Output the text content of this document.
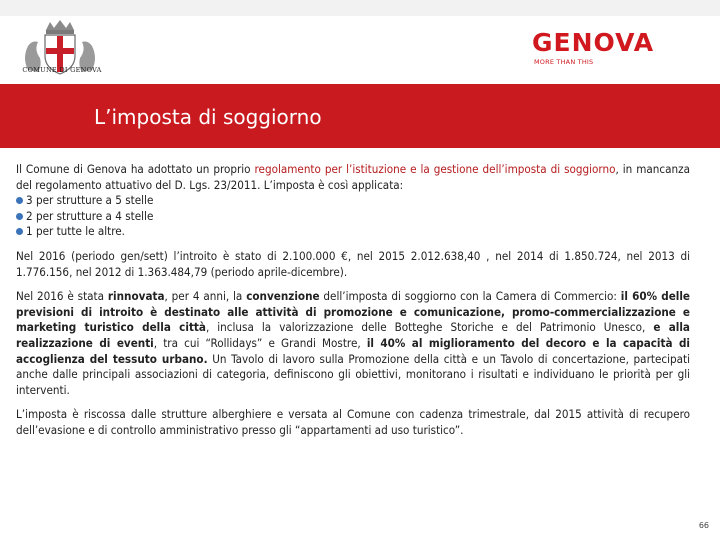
COMUNE DI GENOVA
GENOVA
MORE THAN THIS
L’imposta di soggiorno

Il Comune di Genova ha adottato un proprio regolamento per l’istituzione e la gestione dell’imposta di soggiorno, in mancanza del regolamento attuativo del D. Lgs. 23/2011. L’imposta è così applicata:

3 per strutture a 5 stelle
2 per strutture a 4 stelle
1 per tutte le altre.

Nel 2016 (periodo gen/sett) l’introito è stato di 2.100.000 €, nel 2015 2.012.638,40 , nel 2014 di 1.850.724, nel 2013 di 1.776.156, nel 2012 di 1.363.484,79 (periodo aprile-dicembre).

Nel 2016 è stata rinnovata, per 4 anni, la convenzione dell’imposta di soggiorno con la Camera di Commercio: il 60% delle previsioni di introito è destinato alle attività di promozione e comunicazione, promo-commercializzazione e marketing turistico della città, inclusa la valorizzazione delle Botteghe Storiche e del Patrimonio Unesco, e alla realizzazione di eventi, tra cui “Rollidays” e Grandi Mostre, il 40% al miglioramento del decoro e la capacità di accoglienza del tessuto urbano. Un Tavolo di lavoro sulla Promozione della città e un Tavolo di concertazione, partecipati anche dalle principali associazioni di categoria, definiscono gli obiettivi, monitorano i risultati e individuano le priorità per gli interventi.

L’imposta è riscossa dalle strutture alberghiere e versata al Comune con cadenza trimestrale, dal 2015 attività di recupero dell’evasione e di controllo amministrativo presso gli “appartamenti ad uso turistico”.

66
